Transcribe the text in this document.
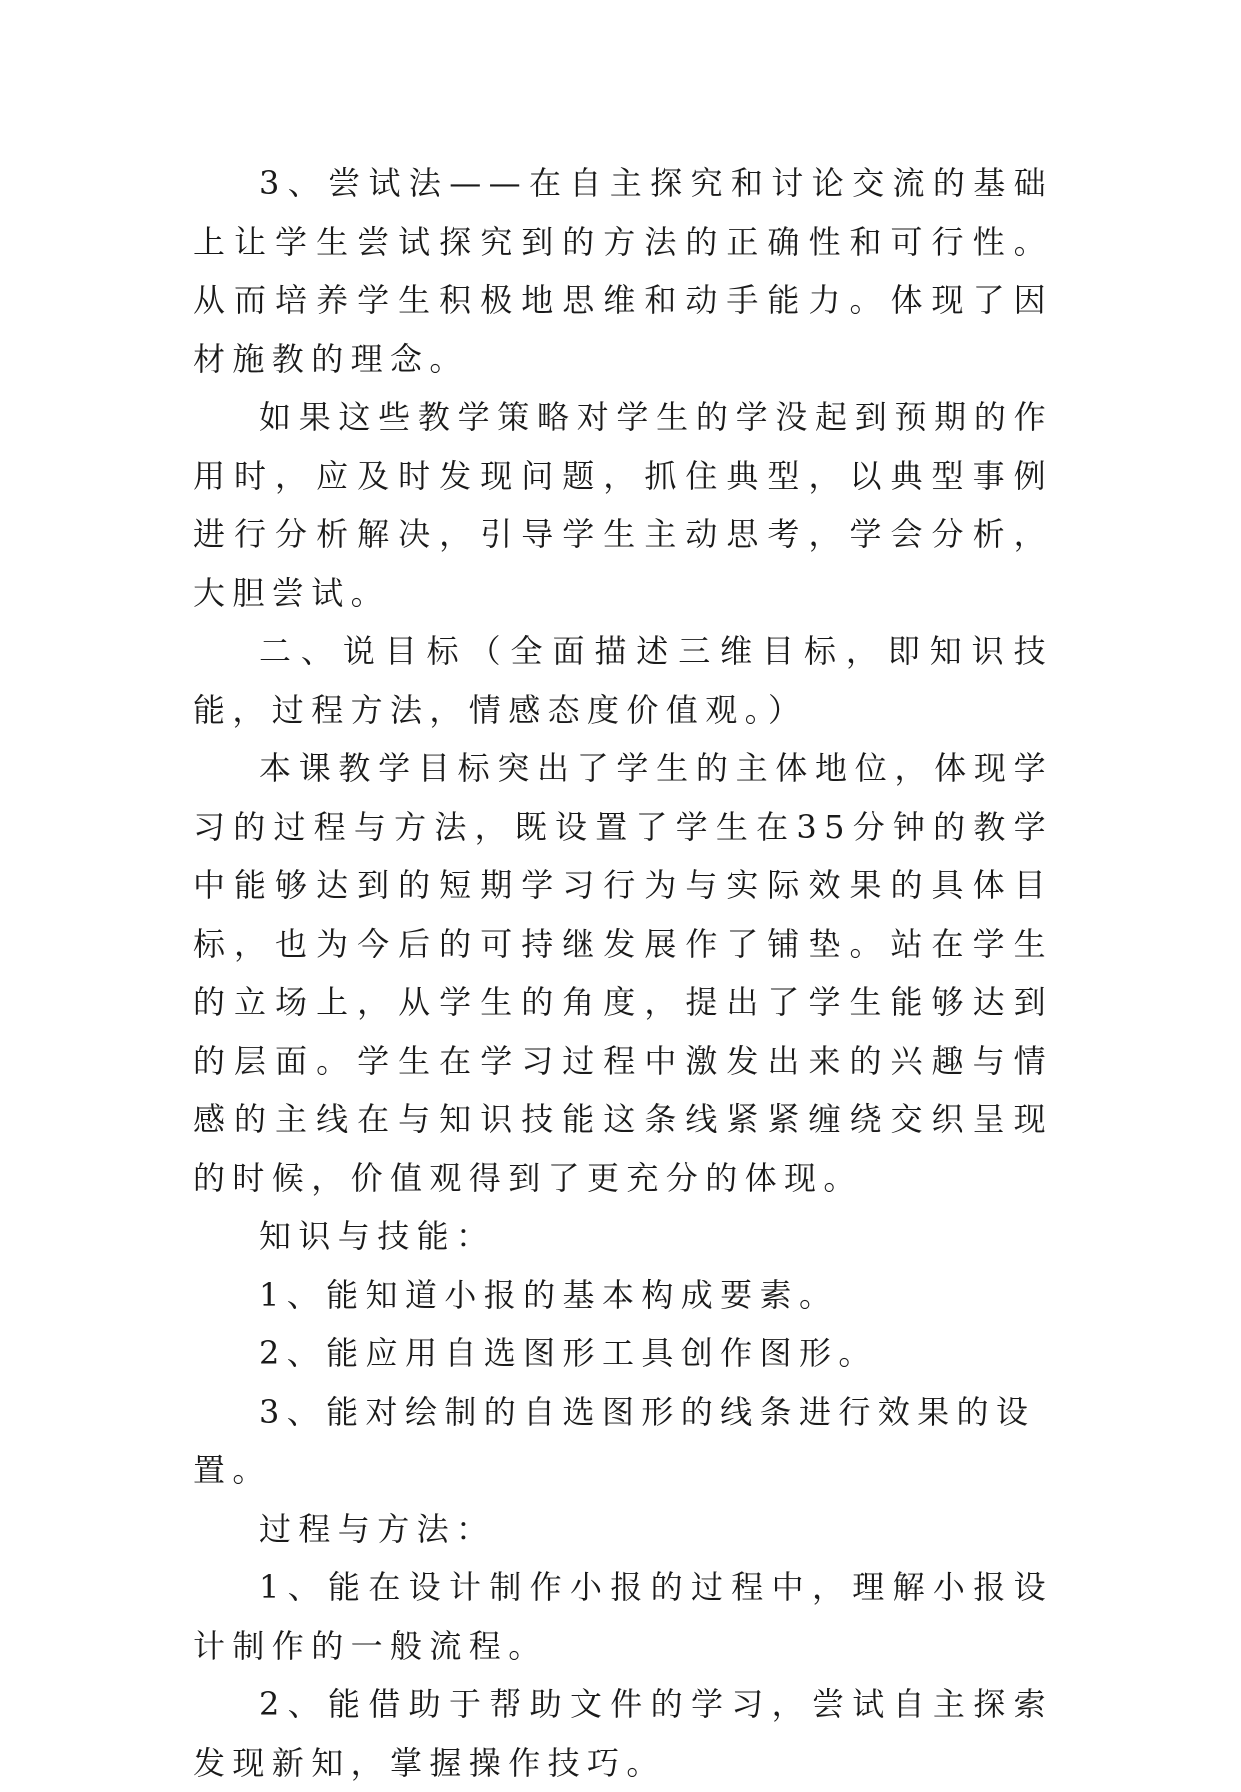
3、尝试法——在自主探究和讨论交流的基础上让学生尝试探究到的方法的正确性和可行性。从而培养学生积极地思维和动手能力。体现了因材施教的理念。

如果这些教学策略对学生的学没起到预期的作用时，应及时发现问题，抓住典型，以典型事例进行分析解决，引导学生主动思考，学会分析，大胆尝试。

二、说目标（全面描述三维目标，即知识技能，过程方法，情感态度价值观。）

本课教学目标突出了学生的主体地位，体现学习的过程与方法，既设置了学生在35分钟的教学中能够达到的短期学习行为与实际效果的具体目标，也为今后的可持继发展作了铺垫。站在学生的立场上，从学生的角度，提出了学生能够达到的层面。学生在学习过程中激发出来的兴趣与情感的主线在与知识技能这条线紧紧缠绕交织呈现的时候，价值观得到了更充分的体现。

知识与技能：

1、能知道小报的基本构成要素。

2、能应用自选图形工具创作图形。

3、能对绘制的自选图形的线条进行效果的设置。

过程与方法：

1、能在设计制作小报的过程中，理解小报设计制作的一般流程。

2、能借助于帮助文件的学习，尝试自主探索发现新知，掌握操作技巧。
